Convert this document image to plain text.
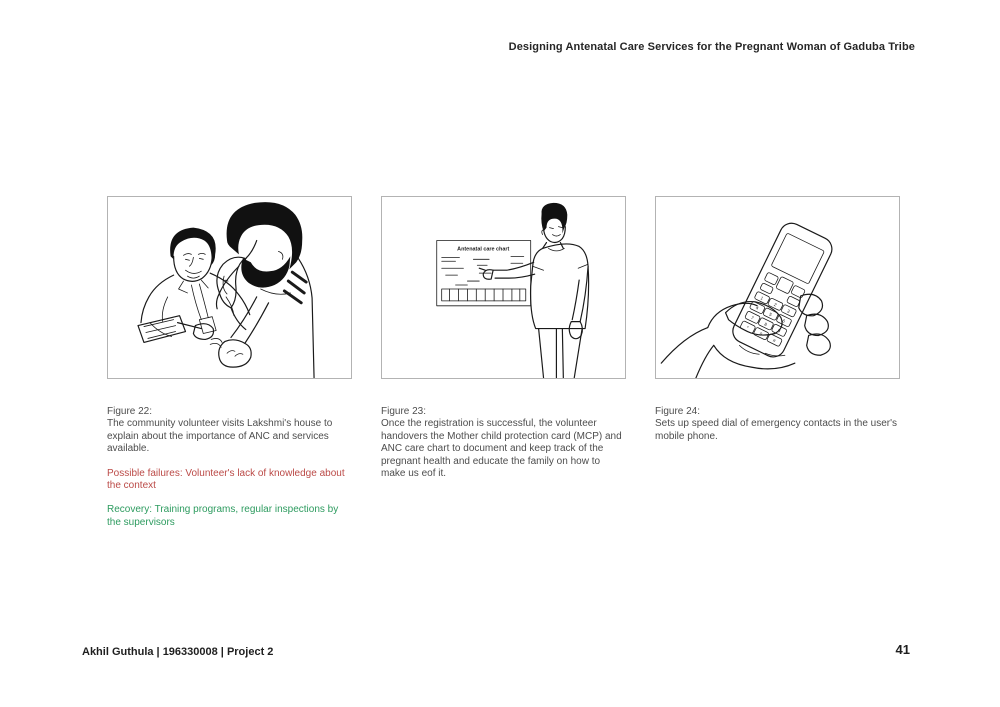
Designing Antenatal Care Services for the Pregnant Woman of Gaduba Tribe
Figure 22:

The community volunteer visits Lakshmi's house to explain about the importance of ANC and services available.

Possible failures: Volunteer's lack of knowledge about the context

Recovery: Training programs, regular inspections by the supervisors

Antenatal care chart
Figure 23:

Once the registration is successful, the volunteer handovers the Mother child protection card (MCP) and ANC care chart to document and keep track of the pregnant health and educate the family on how to make us eof it.

1
2
3
4
5
6
7
8
9
*
0
#
Figure 24:

Sets up speed dial of emergency contacts in the user's mobile phone.

Akhil Guthula | 196330008 | Project 2	41
